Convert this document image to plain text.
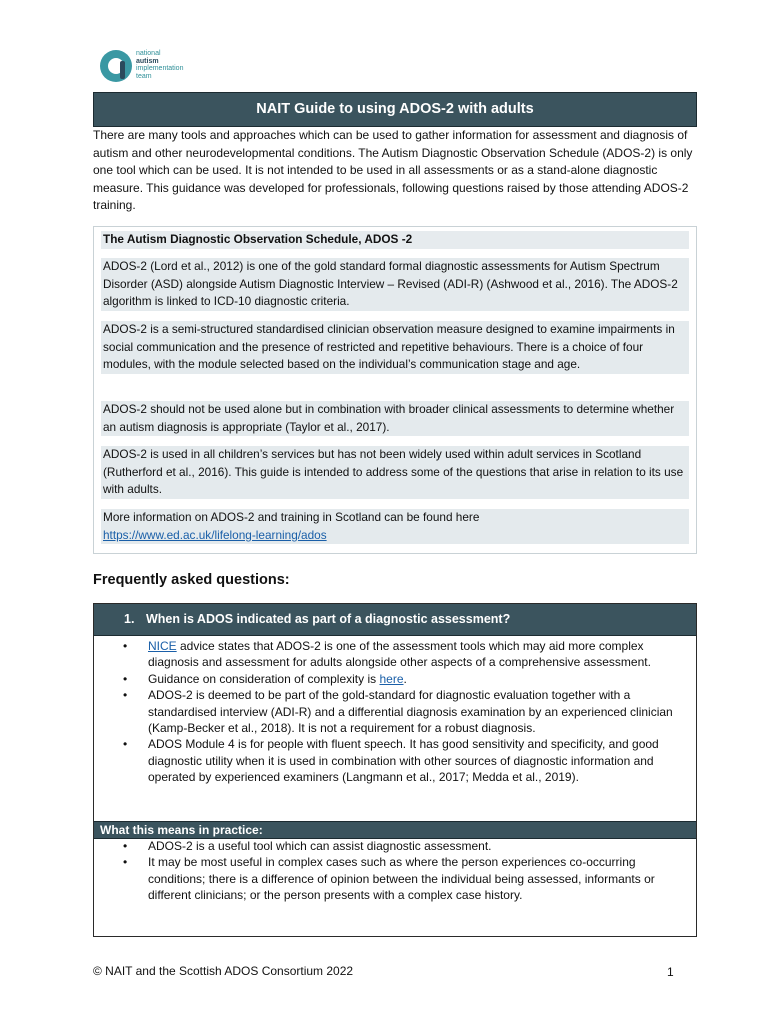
national
autism
implementation
team
NAIT Guide to using ADOS-2 with adults
There are many tools and approaches which can be used to gather information for assessment and diagnosis of autism and other neurodevelopmental conditions. The Autism Diagnostic Observation Schedule (ADOS-2) is only one tool which can be used. It is not intended to be used in all assessments or as a stand-alone diagnostic measure. This guidance was developed for professionals, following questions raised by those attending ADOS-2 training.
The Autism Diagnostic Observation Schedule, ADOS -2
ADOS-2 (Lord et al., 2012) is one of the gold standard formal diagnostic assessments for Autism Spectrum Disorder (ASD) alongside Autism Diagnostic Interview – Revised (ADI-R) (Ashwood et al., 2016). The ADOS-2 algorithm is linked to ICD-10 diagnostic criteria.
ADOS-2 is a semi-structured standardised clinician observation measure designed to examine impairments in social communication and the presence of restricted and repetitive behaviours. There is a choice of four modules, with the module selected based on the individual’s communication stage and age.
ADOS-2 should not be used alone but in combination with broader clinical assessments to determine whether an autism diagnosis is appropriate (Taylor et al., 2017).
ADOS-2 is used in all children’s services but has not been widely used within adult services in Scotland (Rutherford et al., 2016). This guide is intended to address some of the questions that arise in relation to its use with adults.
More information on ADOS-2 and training in Scotland can be found here
https://www.ed.ac.uk/lifelong-learning/ados
Frequently asked questions:
1. When is ADOS indicated as part of a diagnostic assessment?
• NICE advice states that ADOS-2 is one of the assessment tools which may aid more complex diagnosis and assessment for adults alongside other aspects of a comprehensive assessment.
• Guidance on consideration of complexity is here.
• ADOS-2 is deemed to be part of the gold-standard for diagnostic evaluation together with a standardised interview (ADI-R) and a differential diagnosis examination by an experienced clinician (Kamp-Becker et al., 2018). It is not a requirement for a robust diagnosis.
• ADOS Module 4 is for people with fluent speech. It has good sensitivity and specificity, and good diagnostic utility when it is used in combination with other sources of diagnostic information and operated by experienced examiners (Langmann et al., 2017; Medda et al., 2019).
What this means in practice:
• ADOS-2 is a useful tool which can assist diagnostic assessment.
• It may be most useful in complex cases such as where the person experiences co-occurring conditions; there is a difference of opinion between the individual being assessed, informants or different clinicians; or the person presents with a complex case history.
© NAIT and the Scottish ADOS Consortium 2022	1
